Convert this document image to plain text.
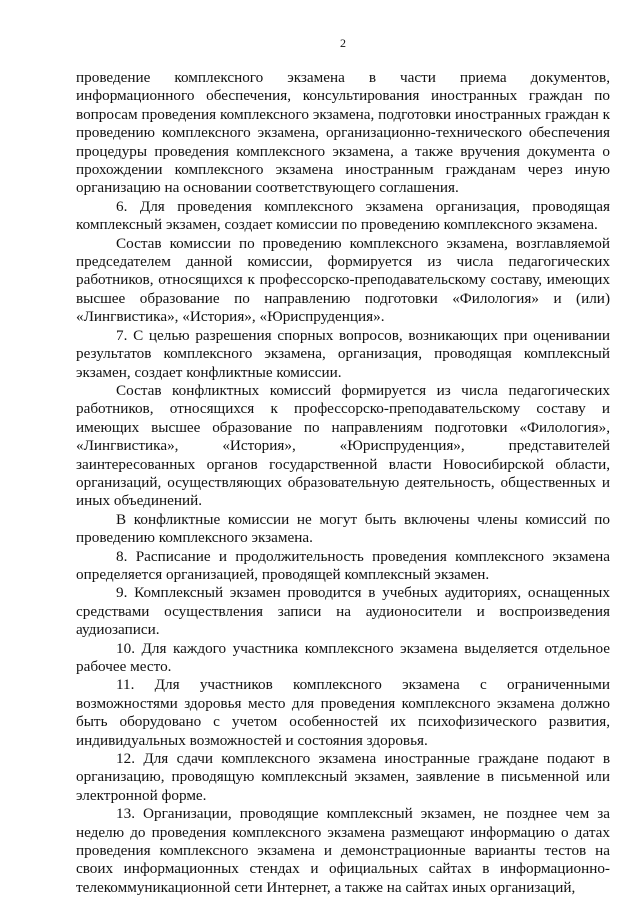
2

проведение комплексного экзамена в части приема документов, информационного обеспечения, консультирования иностранных граждан по вопросам проведения комплексного экзамена, подготовки иностранных граждан к проведению комплексного экзамена, организационно-технического обеспечения процедуры проведения комплексного экзамена, а также вручения документа о прохождении комплексного экзамена иностранным гражданам через иную организацию на основании соответствующего соглашения.

6. Для проведения комплексного экзамена организация, проводящая комплексный экзамен, создает комиссии по проведению комплексного экзамена.

Состав комиссии по проведению комплексного экзамена, возглавляемой председателем данной комиссии, формируется из числа педагогических работников, относящихся к профессорско-преподавательскому составу, имеющих высшее образование по направлению подготовки «Филология» и (или) «Лингвистика», «История», «Юриспруденция».

7. С целью разрешения спорных вопросов, возникающих при оценивании результатов комплексного экзамена, организация, проводящая комплексный экзамен, создает конфликтные комиссии.

Состав конфликтных комиссий формируется из числа педагогических работников, относящихся к профессорско-преподавательскому составу и имеющих высшее образование по направлениям подготовки «Филология», «Лингвистика», «История», «Юриспруденция», представителей заинтересованных органов государственной власти Новосибирской области, организаций, осуществляющих образовательную деятельность, общественных и иных объединений.

В конфликтные комиссии не могут быть включены члены комиссий по проведению комплексного экзамена.

8. Расписание и продолжительность проведения комплексного экзамена определяется организацией, проводящей комплексный экзамен.

9. Комплексный экзамен проводится в учебных аудиториях, оснащенных средствами осуществления записи на аудионосители и воспроизведения аудиозаписи.

10. Для каждого участника комплексного экзамена выделяется отдельное рабочее место.

11. Для участников комплексного экзамена с ограниченными возможностями здоровья место для проведения комплексного экзамена должно быть оборудовано с учетом особенностей их психофизического развития, индивидуальных возможностей и состояния здоровья.

12. Для сдачи комплексного экзамена иностранные граждане подают в организацию, проводящую комплексный экзамен, заявление в письменной или электронной форме.

13. Организации, проводящие комплексный экзамен, не позднее чем за неделю до проведения комплексного экзамена размещают информацию о датах проведения комплексного экзамена и демонстрационные варианты тестов на своих информационных стендах и официальных сайтах в информационно-телекоммуникационной сети Интернет, а также на сайтах иных организаций,
